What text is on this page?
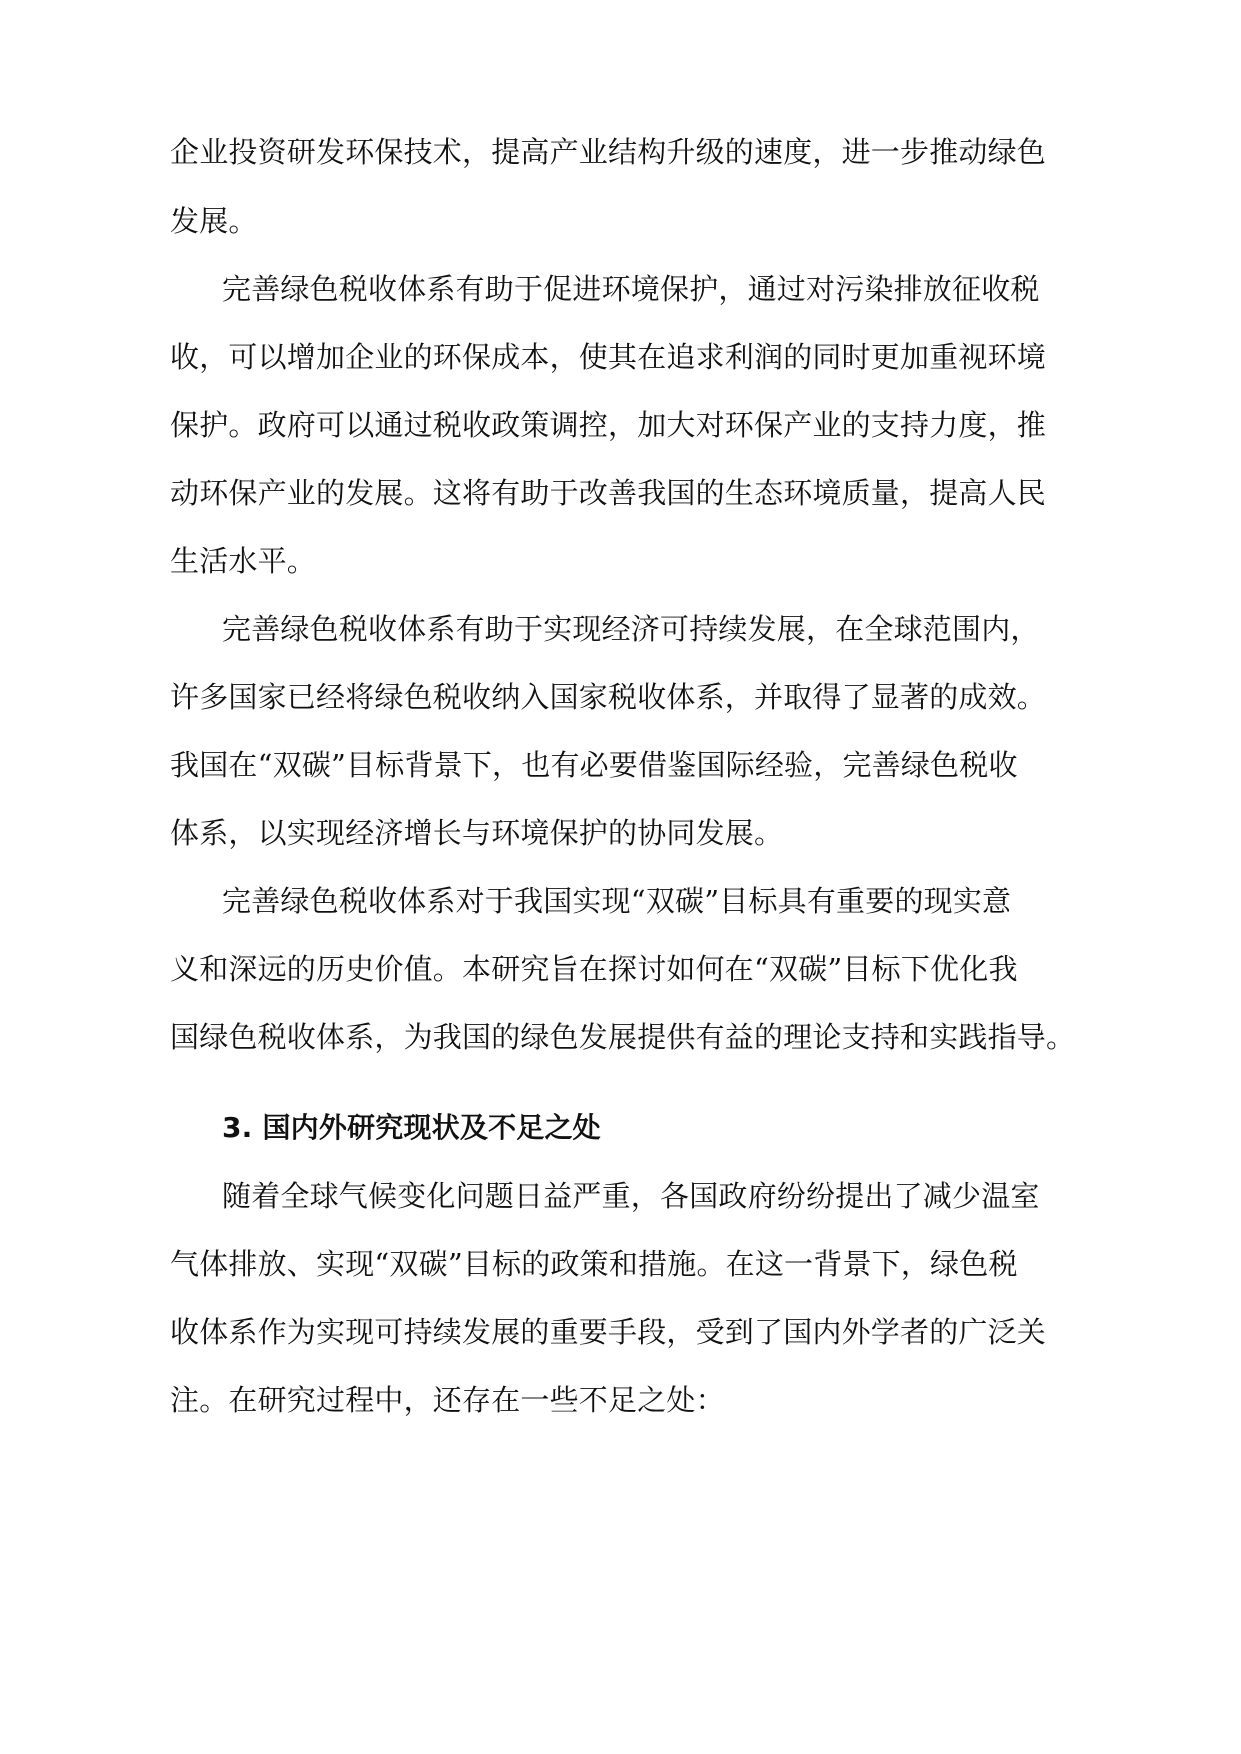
企业投资研发环保技术，提高产业结构升级的速度，进一步推动绿色
发展。
完善绿色税收体系有助于促进环境保护，通过对污染排放征收税
收，可以增加企业的环保成本，使其在追求利润的同时更加重视环境
保护。政府可以通过税收政策调控，加大对环保产业的支持力度，推
动环保产业的发展。这将有助于改善我国的生态环境质量，提高人民
生活水平。
完善绿色税收体系有助于实现经济可持续发展，在全球范围内，
许多国家已经将绿色税收纳入国家税收体系，并取得了显著的成效。
我国在“双碳”目标背景下，也有必要借鉴国际经验，完善绿色税收
体系，以实现经济增长与环境保护的协同发展。
完善绿色税收体系对于我国实现“双碳”目标具有重要的现实意
义和深远的历史价值。本研究旨在探讨如何在“双碳”目标下优化我
国绿色税收体系，为我国的绿色发展提供有益的理论支持和实践指导。
3. 国内外研究现状及不足之处
随着全球气候变化问题日益严重，各国政府纷纷提出了减少温室
气体排放、实现“双碳”目标的政策和措施。在这一背景下，绿色税
收体系作为实现可持续发展的重要手段，受到了国内外学者的广泛关
注。在研究过程中，还存在一些不足之处：
